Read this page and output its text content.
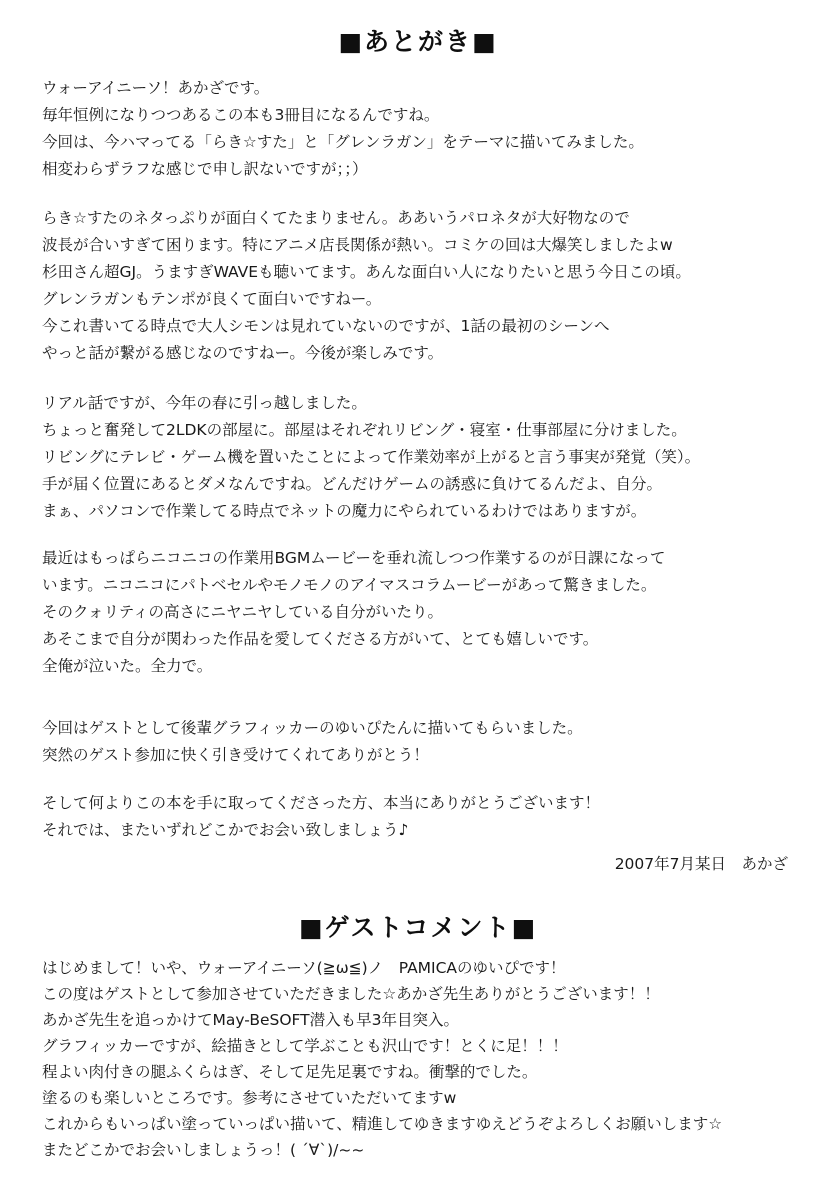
■あとがき■
ウォーアイニーソ！あかざです。
毎年恒例になりつつあるこの本も3冊目になるんですね。
今回は、今ハマってる「らき☆すた」と「グレンラガン」をテーマに描いてみました。
相変わらずラフな感じで申し訳ないですが；；）
らき☆すたのネタっぷりが面白くてたまりません。ああいうパロネタが大好物なので
波長が合いすぎて困ります。特にアニメ店長関係が熱い。コミケの回は大爆笑しましたよw
杉田さん超GJ。うますぎWAVEも聴いてます。あんな面白い人になりたいと思う今日この頃。
グレンラガンもテンポが良くて面白いですねー。
今これ書いてる時点で大人シモンは見れていないのですが、1話の最初のシーンへ
やっと話が繋がる感じなのですねー。今後が楽しみです。
リアル話ですが、今年の春に引っ越しました。
ちょっと奮発して2LDKの部屋に。部屋はそれぞれリビング・寝室・仕事部屋に分けました。
リビングにテレビ・ゲーム機を置いたことによって作業効率が上がると言う事実が発覚（笑）。
手が届く位置にあるとダメなんですね。どんだけゲームの誘惑に負けてるんだよ、自分。
まぁ、パソコンで作業してる時点でネットの魔力にやられているわけではありますが。
最近はもっぱらニコニコの作業用BGMムービーを垂れ流しつつ作業するのが日課になって
います。ニコニコにパトベセルやモノモノのアイマスコラムービーがあって驚きました。
そのクォリティの高さにニヤニヤしている自分がいたり。
あそこまで自分が関わった作品を愛してくださる方がいて、とても嬉しいです。
全俺が泣いた。全力で。
今回はゲストとして後輩グラフィッカーのゆいぴたんに描いてもらいました。
突然のゲスト参加に快く引き受けてくれてありがとう！
そして何よりこの本を手に取ってくださった方、本当にありがとうございます！
それでは、またいずれどこかでお会い致しましょう♪
2007年7月某日　あかざ
■ゲストコメント■
はじめまして！いや、ウォーアイニーソ(≧ω≦)ノ　PAMICAのゆいぴです！
この度はゲストとして参加させていただきました☆あかざ先生ありがとうございます！！
あかざ先生を追っかけてMay-BeSOFT潜入も早3年目突入。
グラフィッカーですが、絵描きとして学ぶことも沢山です！とくに足！！！
程よい肉付きの腿ふくらはぎ、そして足先足裏ですね。衝撃的でした。
塗るのも楽しいところです。参考にさせていただいてますw
これからもいっぱい塗っていっぱい描いて、精進してゆきますゆえどうぞよろしくお願いします☆
またどこかでお会いしましょうっ！( ´∀`)/~~
